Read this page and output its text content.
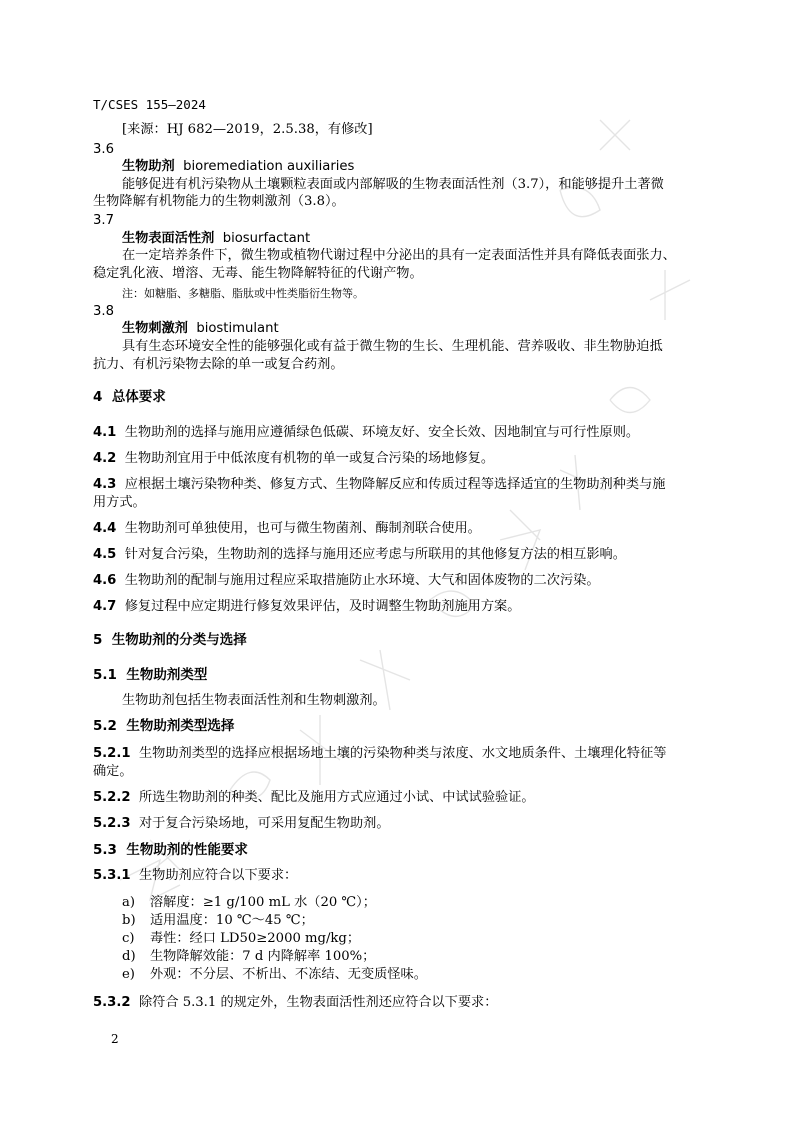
T/CSES 155—2024
[来源：HJ 682—2019，2.5.38，有修改]
3.6
生物助剂 bioremediation auxiliaries
能够促进有机污染物从土壤颗粒表面或内部解吸的生物表面活性剂（3.7），和能够提升土著微
生物降解有机物能力的生物刺激剂（3.8）。
3.7
生物表面活性剂 biosurfactant
在一定培养条件下，微生物或植物代谢过程中分泌出的具有一定表面活性并具有降低表面张力、
稳定乳化液、增溶、无毒、能生物降解特征的代谢产物。
注：如糖脂、多糖脂、脂肽或中性类脂衍生物等。
3.8
生物刺激剂 biostimulant
具有生态环境安全性的能够强化或有益于微生物的生长、生理机能、营养吸收、非生物胁迫抵
抗力、有机污染物去除的单一或复合药剂。
4 总体要求
4.1 生物助剂的选择与施用应遵循绿色低碳、环境友好、安全长效、因地制宜与可行性原则。
4.2 生物助剂宜用于中低浓度有机物的单一或复合污染的场地修复。
4.3 应根据土壤污染物种类、修复方式、生物降解反应和传质过程等选择适宜的生物助剂种类与施
用方式。
4.4 生物助剂可单独使用，也可与微生物菌剂、酶制剂联合使用。
4.5 针对复合污染，生物助剂的选择与施用还应考虑与所联用的其他修复方法的相互影响。
4.6 生物助剂的配制与施用过程应采取措施防止水环境、大气和固体废物的二次污染。
4.7 修复过程中应定期进行修复效果评估，及时调整生物助剂施用方案。
5 生物助剂的分类与选择
5.1 生物助剂类型
生物助剂包括生物表面活性剂和生物刺激剂。
5.2 生物助剂类型选择
5.2.1 生物助剂类型的选择应根据场地土壤的污染物种类与浓度、水文地质条件、土壤理化特征等
确定。
5.2.2 所选生物助剂的种类、配比及施用方式应通过小试、中试试验验证。
5.2.3 对于复合污染场地，可采用复配生物助剂。
5.3 生物助剂的性能要求
5.3.1 生物助剂应符合以下要求：
a) 溶解度：≥1 g/100 mL 水（20 ℃）；
b) 适用温度：10 ℃～45 ℃；
c) 毒性：经口 LD50≥2000 mg/kg；
d) 生物降解效能：7 d 内降解率 100%；
e) 外观：不分层、不析出、不冻结、无变质怪味。
5.3.2 除符合 5.3.1 的规定外，生物表面活性剂还应符合以下要求：
2
